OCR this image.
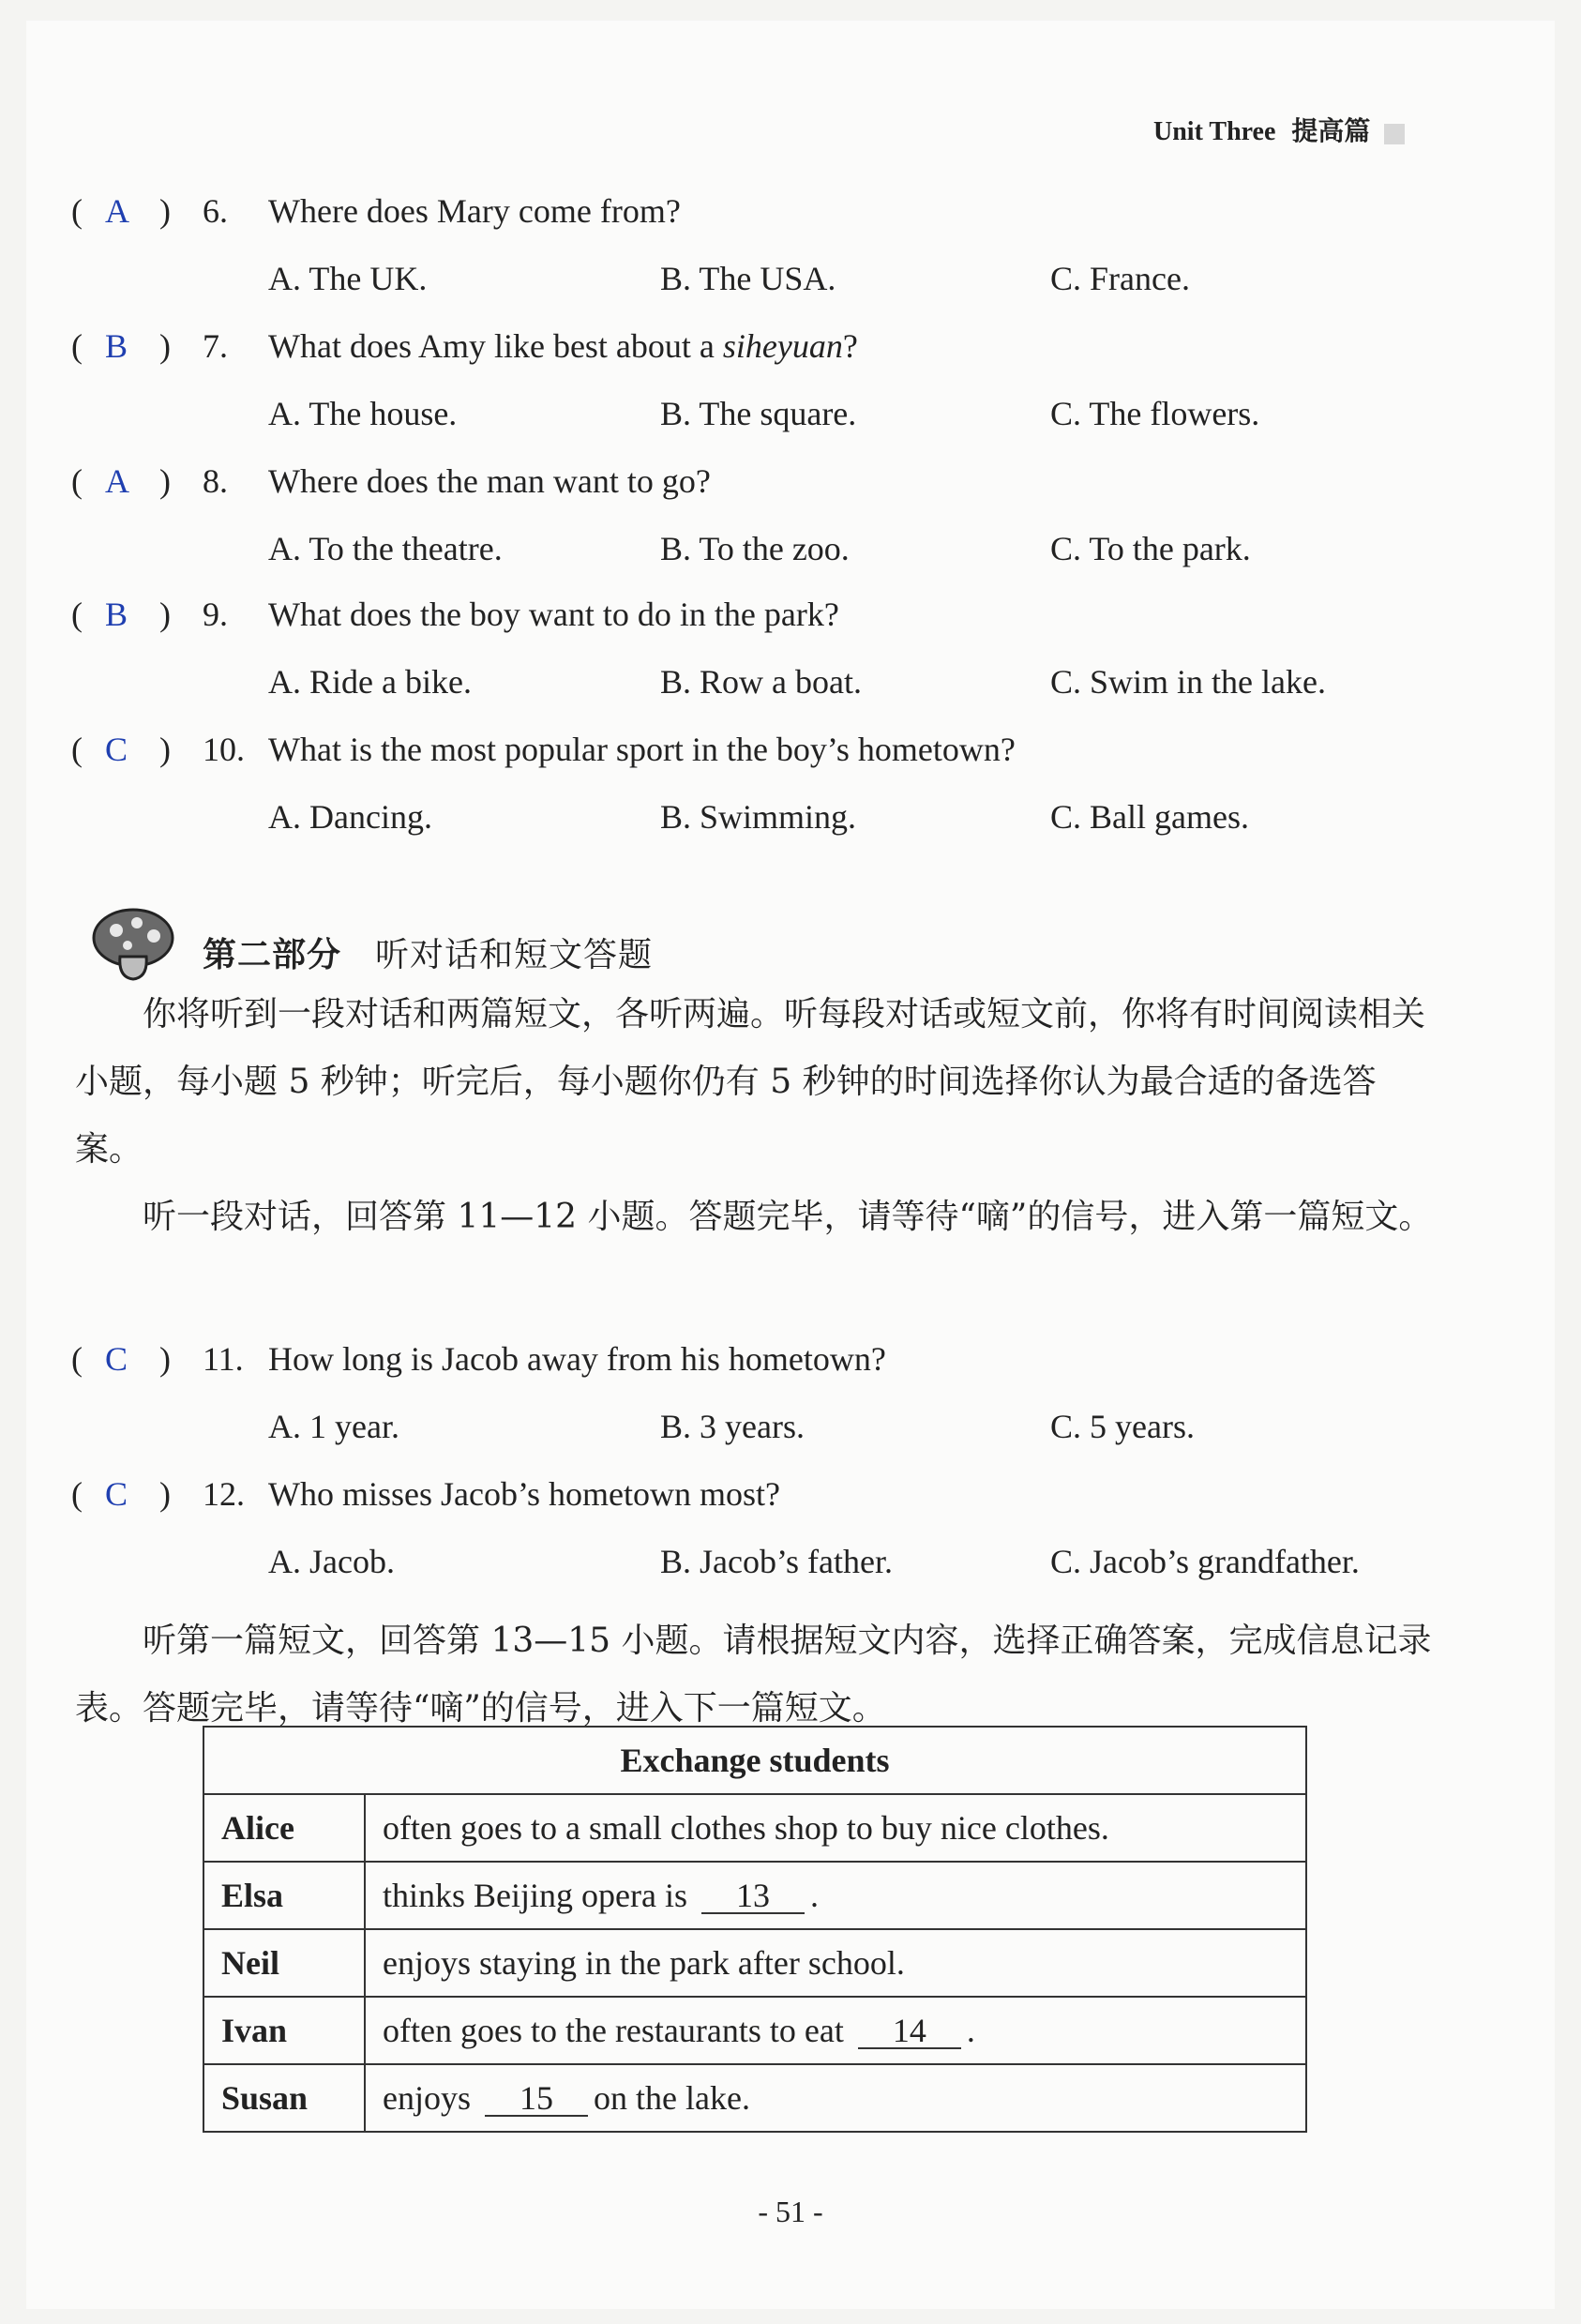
Unit Three 提高篇
( A ) 6. Where does Mary come from?
A. The UK.	B. The USA.	C. France.
( B ) 7. What does Amy like best about a siheyuan?
A. The house.	B. The square.	C. The flowers.
( A ) 8. Where does the man want to go?
A. To the theatre.	B. To the zoo.	C. To the park.
( B ) 9. What does the boy want to do in the park?
A. Ride a bike.	B. Row a boat.	C. Swim in the lake.
( C ) 10. What is the most popular sport in the boy’s hometown?
A. Dancing.	B. Swimming.	C. Ball games.
第二部分 听对话和短文答题
你将听到一段对话和两篇短文，各听两遍。听每段对话或短文前，你将有时间阅读相关小题，每小题 5 秒钟；听完后，每小题你仍有 5 秒钟的时间选择你认为最合适的备选答案。
听一段对话，回答第 11—12 小题。答题完毕，请等待“嘀”的信号，进入第一篇短文。
( C ) 11. How long is Jacob away from his hometown?
A. 1 year.	B. 3 years.	C. 5 years.
( C ) 12. Who misses Jacob’s hometown most?
A. Jacob.	B. Jacob’s father.	C. Jacob’s grandfather.
听第一篇短文，回答第 13—15 小题。请根据短文内容，选择正确答案，完成信息记录表。答题完毕，请等待“嘀”的信号，进入下一篇短文。
Exchange students	
Alice	often goes to a small clothes shop to buy nice clothes.
Elsa	thinks Beijing opera is 13 .
Neil	enjoys staying in the park after school.
Ivan	often goes to the restaurants to eat 14 .
Susan	enjoys 15 on the lake.
- 51 -
